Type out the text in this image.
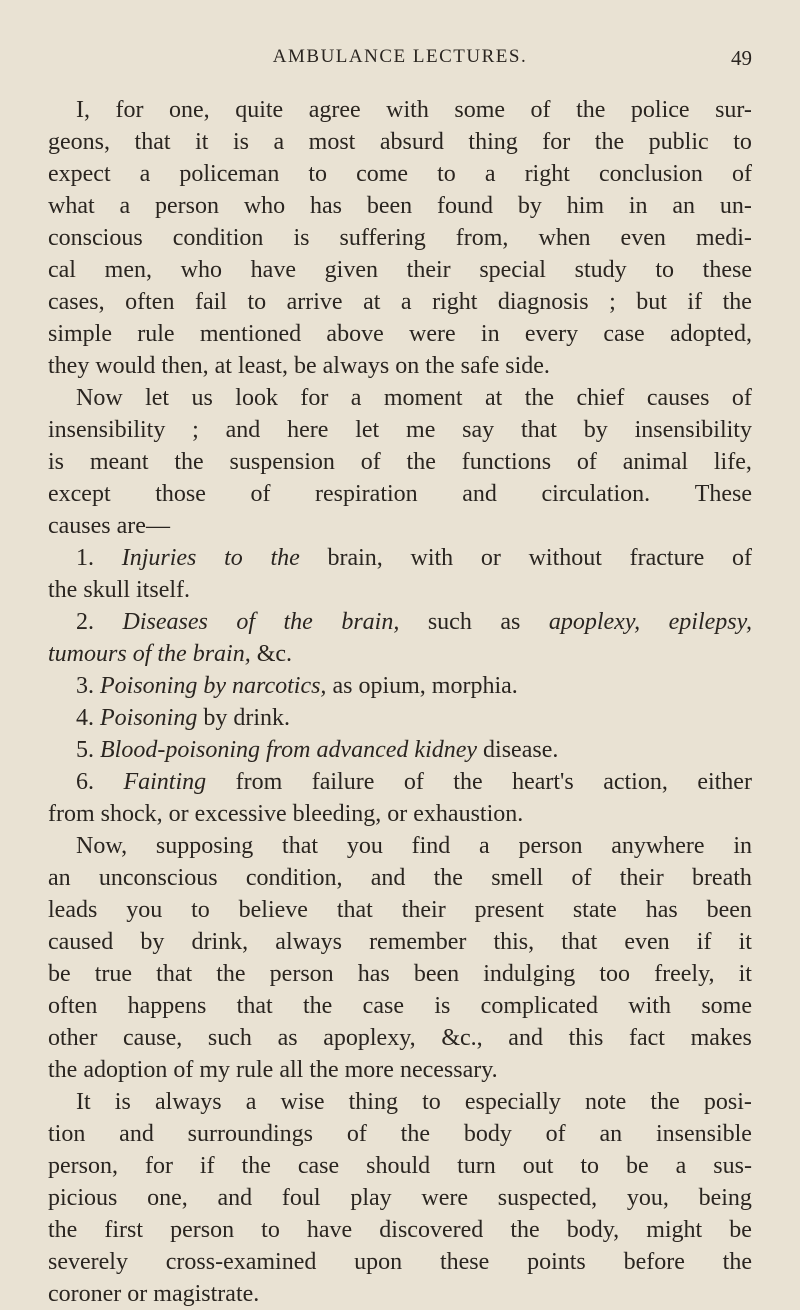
AMBULANCE LECTURES.	49
I, for one, quite agree with some of the police sur-
geons, that it is a most absurd thing for the public to
expect a policeman to come to a right conclusion of
what a person who has been found by him in an un-
conscious condition is suffering from, when even medi-
cal men, who have given their special study to these
cases, often fail to arrive at a right diagnosis ; but if the
simple rule mentioned above were in every case adopted,
they would then, at least, be always on the safe side.
Now let us look for a moment at the chief causes of
insensibility ; and here let me say that by insensibility
is meant the suspension of the functions of animal life,
except those of respiration and circulation. These
causes are—
1. Injuries to the brain, with or without fracture of
the skull itself.
2. Diseases of the brain, such as apoplexy, epilepsy,
tumours of the brain, &c.
3. Poisoning by narcotics, as opium, morphia.
4. Poisoning by drink.
5. Blood-poisoning from advanced kidney disease.
6. Fainting from failure of the heart's action, either
from shock, or excessive bleeding, or exhaustion.
Now, supposing that you find a person anywhere in
an unconscious condition, and the smell of their breath
leads you to believe that their present state has been
caused by drink, always remember this, that even if it
be true that the person has been indulging too freely, it
often happens that the case is complicated with some
other cause, such as apoplexy, &c., and this fact makes
the adoption of my rule all the more necessary.
It is always a wise thing to especially note the posi-
tion and surroundings of the body of an insensible
person, for if the case should turn out to be a sus-
picious one, and foul play were suspected, you, being
the first person to have discovered the body, might be
severely cross-examined upon these points before the
coroner or magistrate.
